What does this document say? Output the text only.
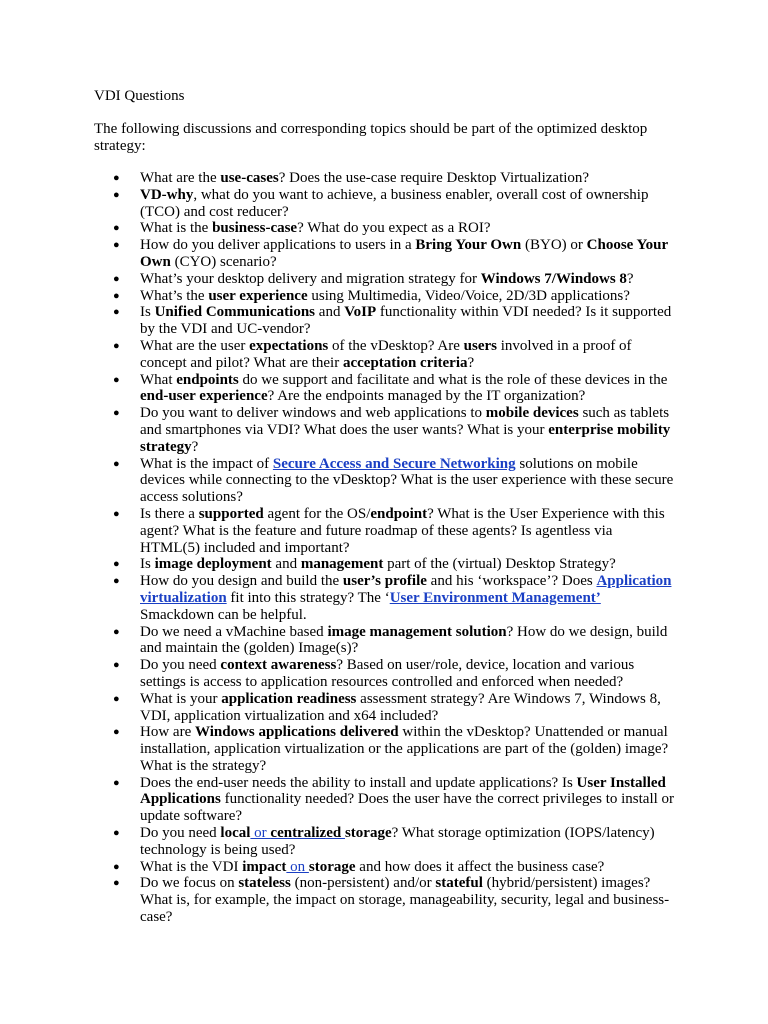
VDI Questions
The following discussions and corresponding topics should be part of the optimized desktop strategy:
● What are the use-cases? Does the use-case require Desktop Virtualization?
● VD-why, what do you want to achieve, a business enabler, overall cost of ownership (TCO) and cost reducer?
● What is the business-case? What do you expect as a ROI?
● How do you deliver applications to users in a Bring Your Own (BYO) or Choose Your Own (CYO) scenario?
● What’s your desktop delivery and migration strategy for Windows 7/Windows 8?
● What’s the user experience using Multimedia, Video/Voice, 2D/3D applications?
● Is Unified Communications and VoIP functionality within VDI needed? Is it supported by the VDI and UC-vendor?
● What are the user expectations of the vDesktop? Are users involved in a proof of concept and pilot? What are their acceptation criteria?
● What endpoints do we support and facilitate and what is the role of these devices in the end-user experience? Are the endpoints managed by the IT organization?
● Do you want to deliver windows and web applications to mobile devices such as tablets and smartphones via VDI? What does the user wants? What is your enterprise mobility strategy?
● What is the impact of Secure Access and Secure Networking solutions on mobile devices while connecting to the vDesktop? What is the user experience with these secure access solutions?
● Is there a supported agent for the OS/endpoint? What is the User Experience with this agent? What is the feature and future roadmap of these agents? Is agentless via HTML(5) included and important?
● Is image deployment and management part of the (virtual) Desktop Strategy?
● How do you design and build the user’s profile and his ‘workspace’? Does Application virtualization fit into this strategy? The ‘User Environment Management’ Smackdown can be helpful.
● Do we need a vMachine based image management solution? How do we design, build and maintain the (golden) Image(s)?
● Do you need context awareness? Based on user/role, device, location and various settings is access to application resources controlled and enforced when needed?
● What is your application readiness assessment strategy? Are Windows 7, Windows 8, VDI, application virtualization and x64 included?
● How are Windows applications delivered within the vDesktop? Unattended or manual installation, application virtualization or the applications are part of the (golden) image? What is the strategy?
● Does the end-user needs the ability to install and update applications? Is User Installed Applications functionality needed? Does the user have the correct privileges to install or update software?
● Do you need local or centralized storage? What storage optimization (IOPS/latency) technology is being used?
● What is the VDI impact on storage and how does it affect the business case?
● Do we focus on stateless (non-persistent) and/or stateful (hybrid/persistent) images? What is, for example, the impact on storage, manageability, security, legal and business-case?
